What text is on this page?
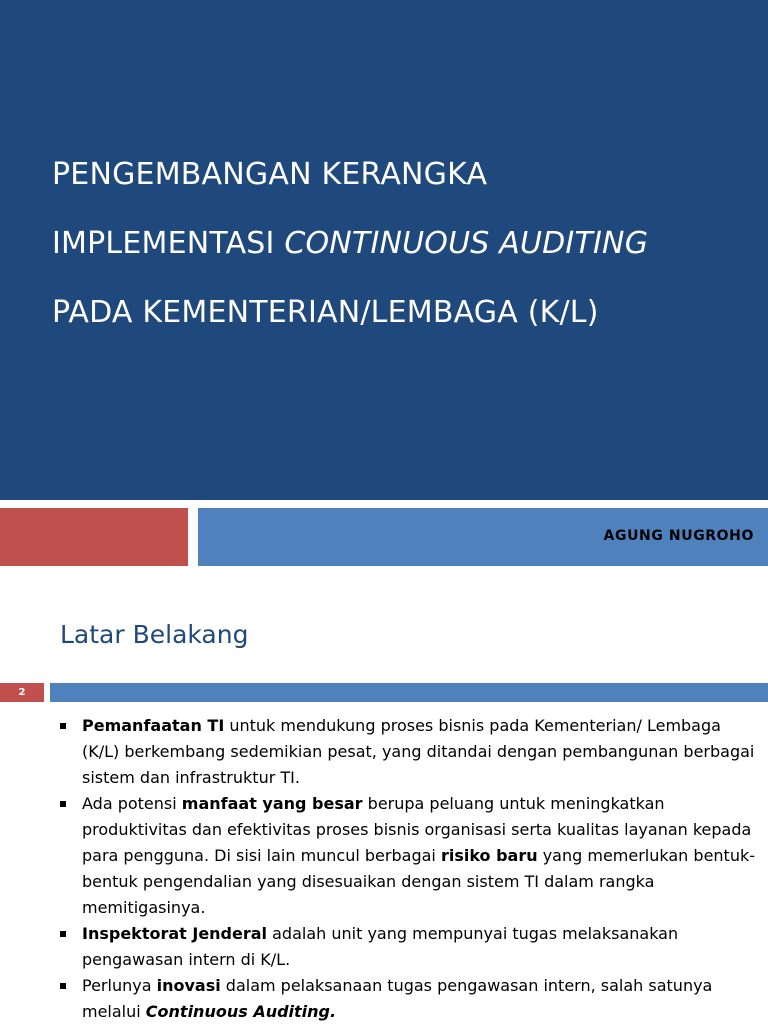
PENGEMBANGAN KERANGKA
IMPLEMENTASI CONTINUOUS AUDITING
PADA KEMENTERIAN/LEMBAGA (K/L)
AGUNG NUGROHO
Latar Belakang
2
Pemanfaatan TI untuk mendukung proses bisnis pada Kementerian/ Lembaga (K/L) berkembang sedemikian pesat, yang ditandai dengan pembangunan berbagai sistem dan infrastruktur TI.
Ada potensi manfaat yang besar berupa peluang untuk meningkatkan produktivitas dan efektivitas proses bisnis organisasi serta kualitas layanan kepada para pengguna. Di sisi lain muncul berbagai risiko baru yang memerlukan bentuk-bentuk pengendalian yang disesuaikan dengan sistem TI dalam rangka memitigasinya.
Inspektorat Jenderal adalah unit yang mempunyai tugas melaksanakan pengawasan intern di K/L.
Perlunya inovasi dalam pelaksanaan tugas pengawasan intern, salah satunya melalui Continuous Auditing.
